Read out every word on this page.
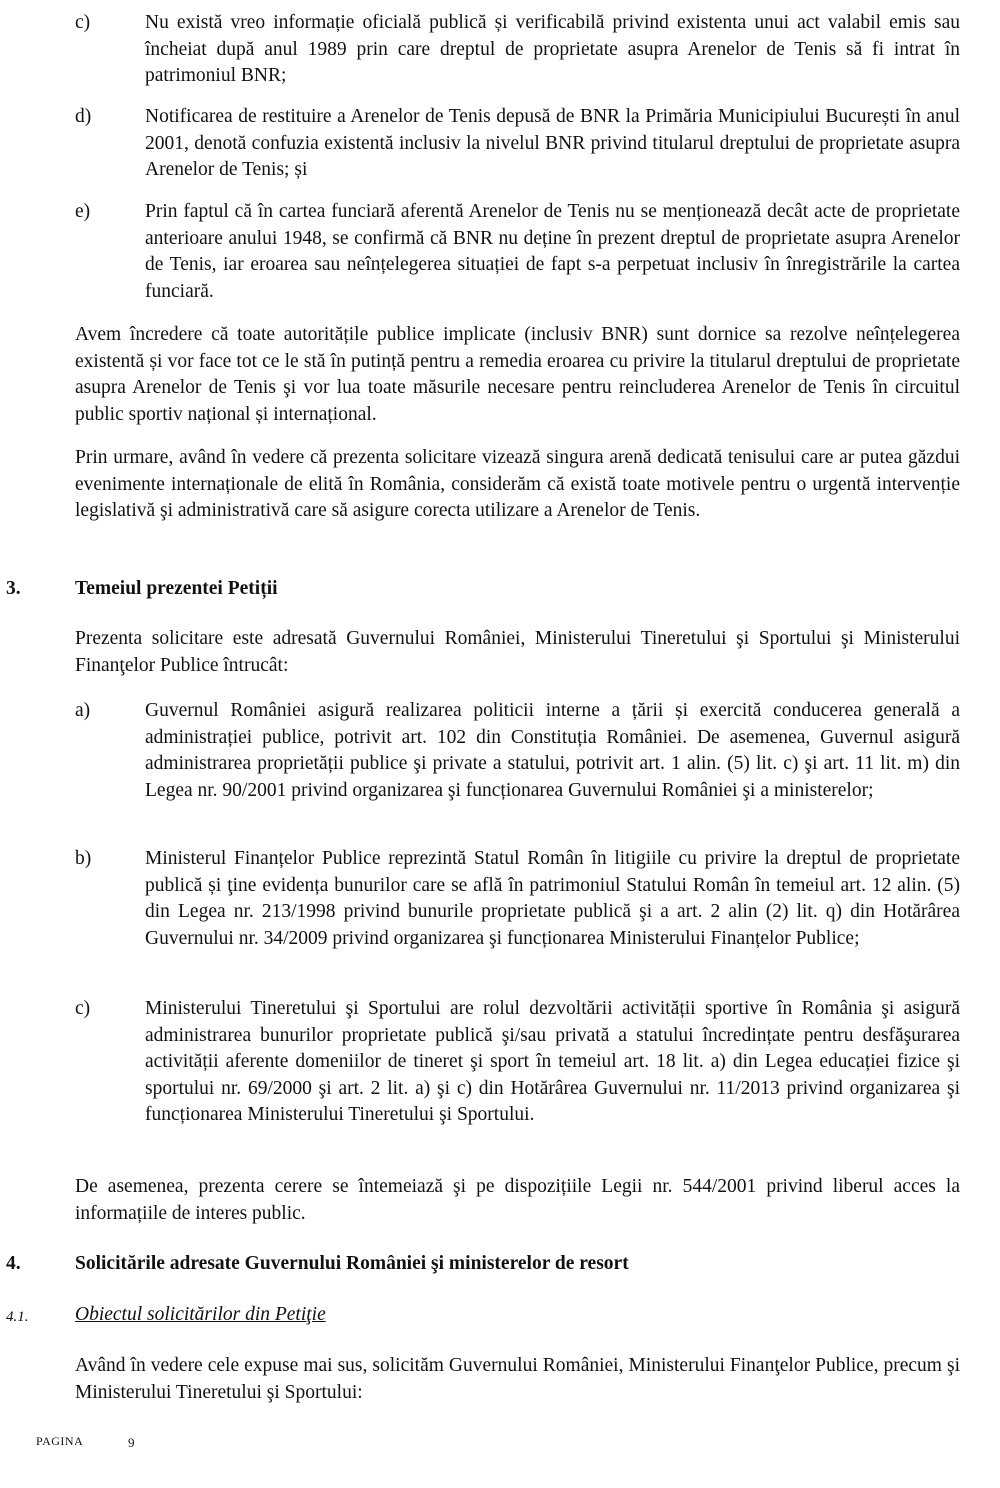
c)	Nu există vreo informație oficială publică și verificabilă privind existenta unui act valabil emis sau încheiat după anul 1989 prin care dreptul de proprietate asupra Arenelor de Tenis să fi intrat în patrimoniul BNR;
d)	Notificarea de restituire a Arenelor de Tenis depusă de BNR la Primăria Municipiului București în anul 2001, denotă confuzia existentă inclusiv la nivelul BNR privind titularul dreptului de proprietate asupra Arenelor de Tenis; și
e)	Prin faptul că în cartea funciară aferentă Arenelor de Tenis nu se menționează decât acte de proprietate anterioare anului 1948, se confirmă că BNR nu deține în prezent dreptul de proprietate asupra Arenelor de Tenis, iar eroarea sau neînțelegerea situației de fapt s-a perpetuat inclusiv în înregistrările la cartea funciară.

Avem încredere că toate autoritățile publice implicate (inclusiv BNR) sunt dornice sa rezolve neînțelegerea existentă și vor face tot ce le stă în putință pentru a remedia eroarea cu privire la titularul dreptului de proprietate asupra Arenelor de Tenis şi vor lua toate măsurile necesare pentru reincluderea Arenelor de Tenis în circuitul public sportiv național și internațional.

Prin urmare, având în vedere că prezenta solicitare vizează singura arenă dedicată tenisului care ar putea găzdui evenimente internaționale de elită în România, considerăm că există toate motivele pentru o urgentă intervenție legislativă şi administrativă care să asigure corecta utilizare a Arenelor de Tenis.

3.	Temeiul prezentei Petiții

Prezenta solicitare este adresată Guvernului României, Ministerului Tineretului şi Sportului şi Ministerului Finanţelor Publice întrucât:

a)	Guvernul României asigură realizarea politicii interne a țării și exercită conducerea generală a administrației publice, potrivit art. 102 din Constituția României. De asemenea, Guvernul asigură administrarea proprietății publice şi private a statului, potrivit art. 1 alin. (5) lit. c) şi art. 11 lit. m) din Legea nr. 90/2001 privind organizarea şi funcționarea Guvernului României şi a ministerelor;
b)	Ministerul Finanțelor Publice reprezintă Statul Român în litigiile cu privire la dreptul de proprietate publică și ţine evidența bunurilor care se află în patrimoniul Statului Român în temeiul art. 12 alin. (5) din Legea nr. 213/1998 privind bunurile proprietate publică şi a art. 2 alin (2) lit. q) din Hotărârea Guvernului nr. 34/2009 privind organizarea şi funcționarea Ministerului Finanțelor Publice;
c)	Ministerului Tineretului şi Sportului are rolul dezvoltării activității sportive în România şi asigură administrarea bunurilor proprietate publică şi/sau privată a statului încredințate pentru desfăşurarea activității aferente domeniilor de tineret şi sport în temeiul art. 18 lit. a) din Legea educației fizice şi sportului nr. 69/2000 şi art. 2 lit. a) şi c) din Hotărârea Guvernului nr. 11/2013 privind organizarea şi funcționarea Ministerului Tineretului şi Sportului.

De asemenea, prezenta cerere se întemeiază şi pe dispozițiile Legii nr. 544/2001 privind liberul acces la informațiile de interes public.

4.	Solicitările adresate Guvernului României şi ministerelor de resort
4.1. Obiectul solicitărilor din Petiţie

Având în vedere cele expuse mai sus, solicităm Guvernului României, Ministerului Finanţelor Publice, precum şi Ministerului Tineretului şi Sportului:

PAGINA	9
